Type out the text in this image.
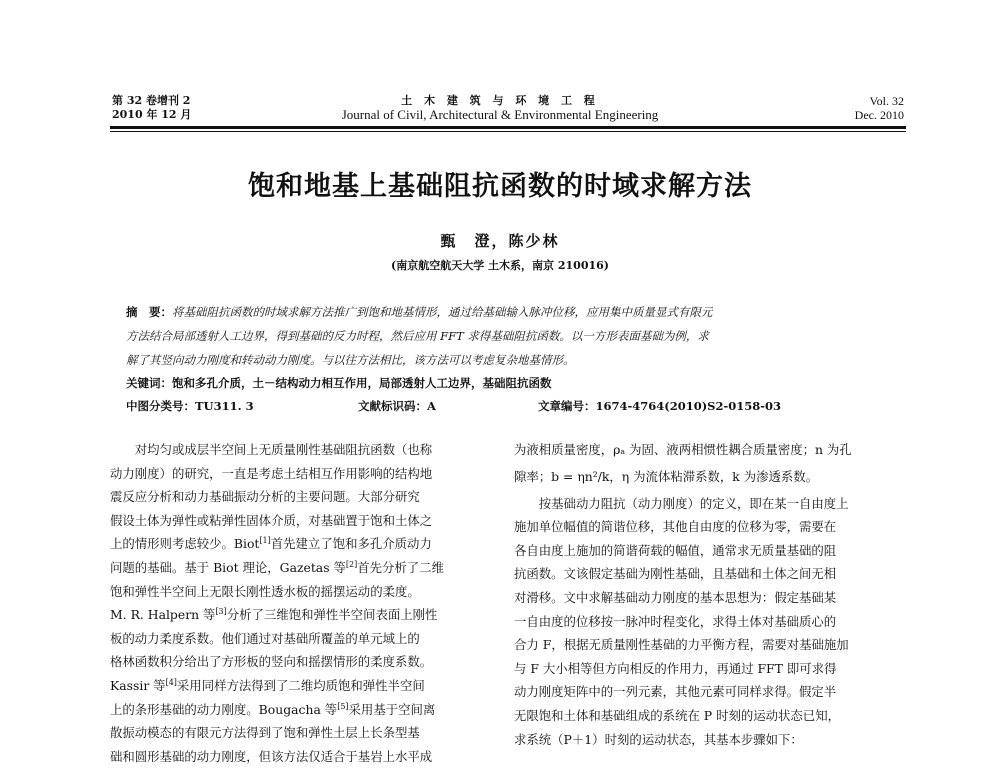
第 32 卷增刊 2
2010 年 12 月
土 木 建 筑 与 环 境 工 程
Journal of Civil, Architectural & Environmental Engineering
Vol. 32
Dec. 2010
饱和地基上基础阻抗函数的时域求解方法
甄　澄，陈少林
(南京航空航天大学 土木系，南京 210016)
摘　要：将基础阻抗函数的时域求解方法推广到饱和地基情形，通过给基础输入脉冲位移，应用集中质量显式有限元
方法结合局部透射人工边界，得到基础的反力时程，然后应用 FFT 求得基础阻抗函数。以一方形表面基础为例，求
解了其竖向动力刚度和转动动力刚度。与以往方法相比，该方法可以考虑复杂地基情形。
关键词：饱和多孔介质，土－结构动力相互作用，局部透射人工边界，基础阻抗函数
中图分类号：TU311. 3	文献标识码：A	文章编号：1674-4764(2010)S2-0158-03

对均匀或成层半空间上无质量刚性基础阻抗函数（也称

动力刚度）的研究，一直是考虑土结相互作用影响的结构地

震反应分析和动力基础振动分析的主要问题。大部分研究

假设土体为弹性或粘弹性固体介质，对基础置于饱和土体之

上的情形则考虑较少。Biot[1]首先建立了饱和多孔介质动力

问题的基础。基于 Biot 理论，Gazetas 等[2]首先分析了二维

饱和弹性半空间上无限长刚性透水板的摇摆运动的柔度。

M. R. Halpern 等[3]分析了三维饱和弹性半空间表面上刚性

板的动力柔度系数。他们通过对基础所覆盖的单元域上的

格林函数积分给出了方形板的竖向和摇摆情形的柔度系数。

Kassir 等[4]采用同样方法得到了二维均质饱和弹性半空间

上的条形基础的动力刚度。Bougacha 等[5]采用基于空间离

散振动模态的有限元方法得到了饱和弹性土层上长条型基

础和圆形基础的动力刚度，但该方法仅适合于基岩上水平成

为液相质量密度，ρₐ 为固、液两相惯性耦合质量密度；n 为孔

隙率；b = ηn²/k，η 为流体粘滞系数，k 为渗透系数。

按基础动力阻抗（动力刚度）的定义，即在某一自由度上

施加单位幅值的简谐位移，其他自由度的位移为零，需要在

各自由度上施加的简谐荷载的幅值，通常求无质量基础的阻

抗函数。文该假定基础为刚性基础，且基础和土体之间无相

对滑移。文中求解基础动力刚度的基本思想为：假定基础某

一自由度的位移按一脉冲时程变化，求得土体对基础质心的

合力 F，根据无质量刚性基础的力平衡方程，需要对基础施加

与 F 大小相等但方向相反的作用力，再通过 FFT 即可求得

动力刚度矩阵中的一列元素，其他元素可同样求得。假定半

无限饱和土体和基础组成的系统在 P 时刻的运动状态已知，

求系统（P＋1）时刻的运动状态，其基本步骤如下：
